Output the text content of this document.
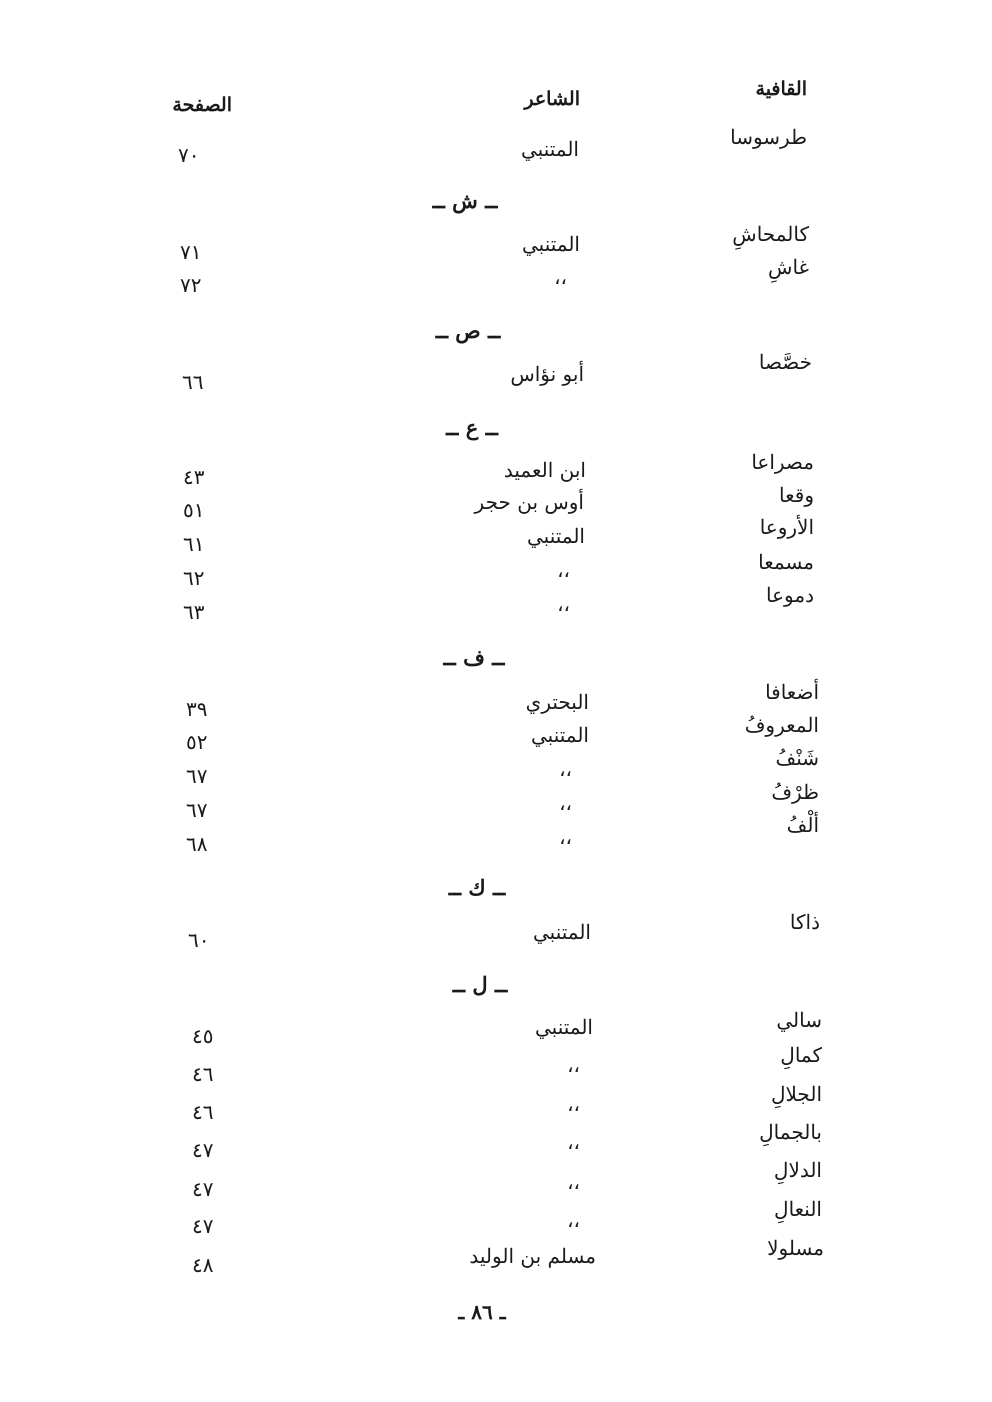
القافية
الشاعر
الصفحة
طرسوسا
المتنبي
٧٠
ــ ش ــ
كالمحاشِ
المتنبي
٧١
غاشِ
،،
٧٢
ــ ص ــ
خصَّصا
أبو نؤاس
٦٦
ــ ع ــ
مصراعا
ابن العميد
٤٣
وقعا
أوس بن حجر
٥١
الأروعا
المتنبي
٦١
مسمعا
،،
٦٢
دموعا
،،
٦٣
ــ ف ــ
أضعافا
البحتري
٣٩
المعروفُ
المتنبي
٥٢
شَنْفُ
،،
٦٧
ظرْفُ
،،
٦٧
ألْفُ
،،
٦٨
ــ ك ــ
ذاكا
المتنبي
٦٠
ــ ل ــ
سالي
المتنبي
٤٥
كمالِ
،،
٤٦
الجلالِ
،،
٤٦
بالجمالِ
،،
٤٧
الدلالِ
،،
٤٧
النعالِ
،،
٤٧
مسلولا
مسلم بن الوليد
٤٨
ـ ٨٦ ـ
